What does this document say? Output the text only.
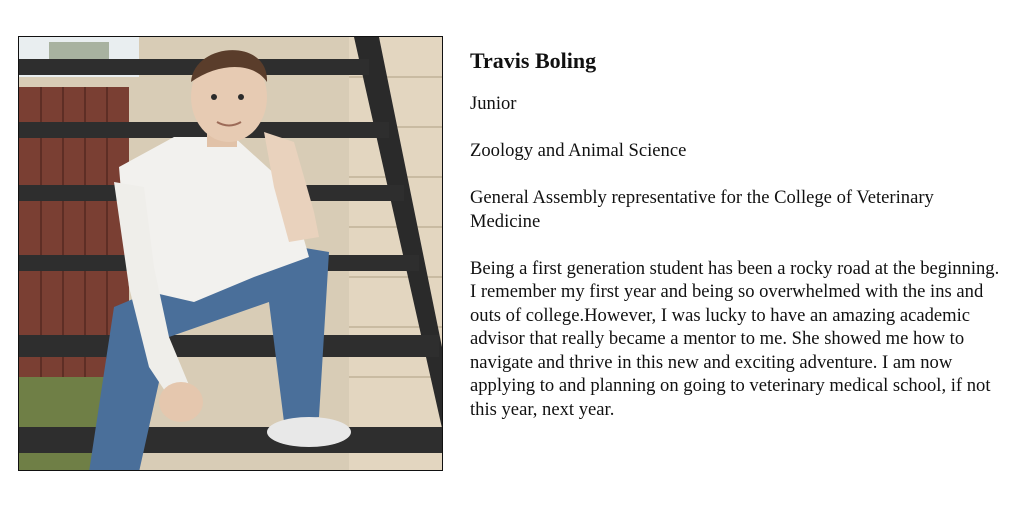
Travis Boling

Junior

Zoology and Animal Science

General Assembly representative for the College of Veterinary Medicine

Being a first generation student has been a rocky road at the beginning. I remember my first year and being so overwhelmed with the ins and outs of college.However, I was lucky to have an amazing academic advisor that really became a mentor to me. She showed me how to navigate and thrive in this new and exciting adventure. I am now applying to and planning on going to veterinary medical school, if not this year, next year.
